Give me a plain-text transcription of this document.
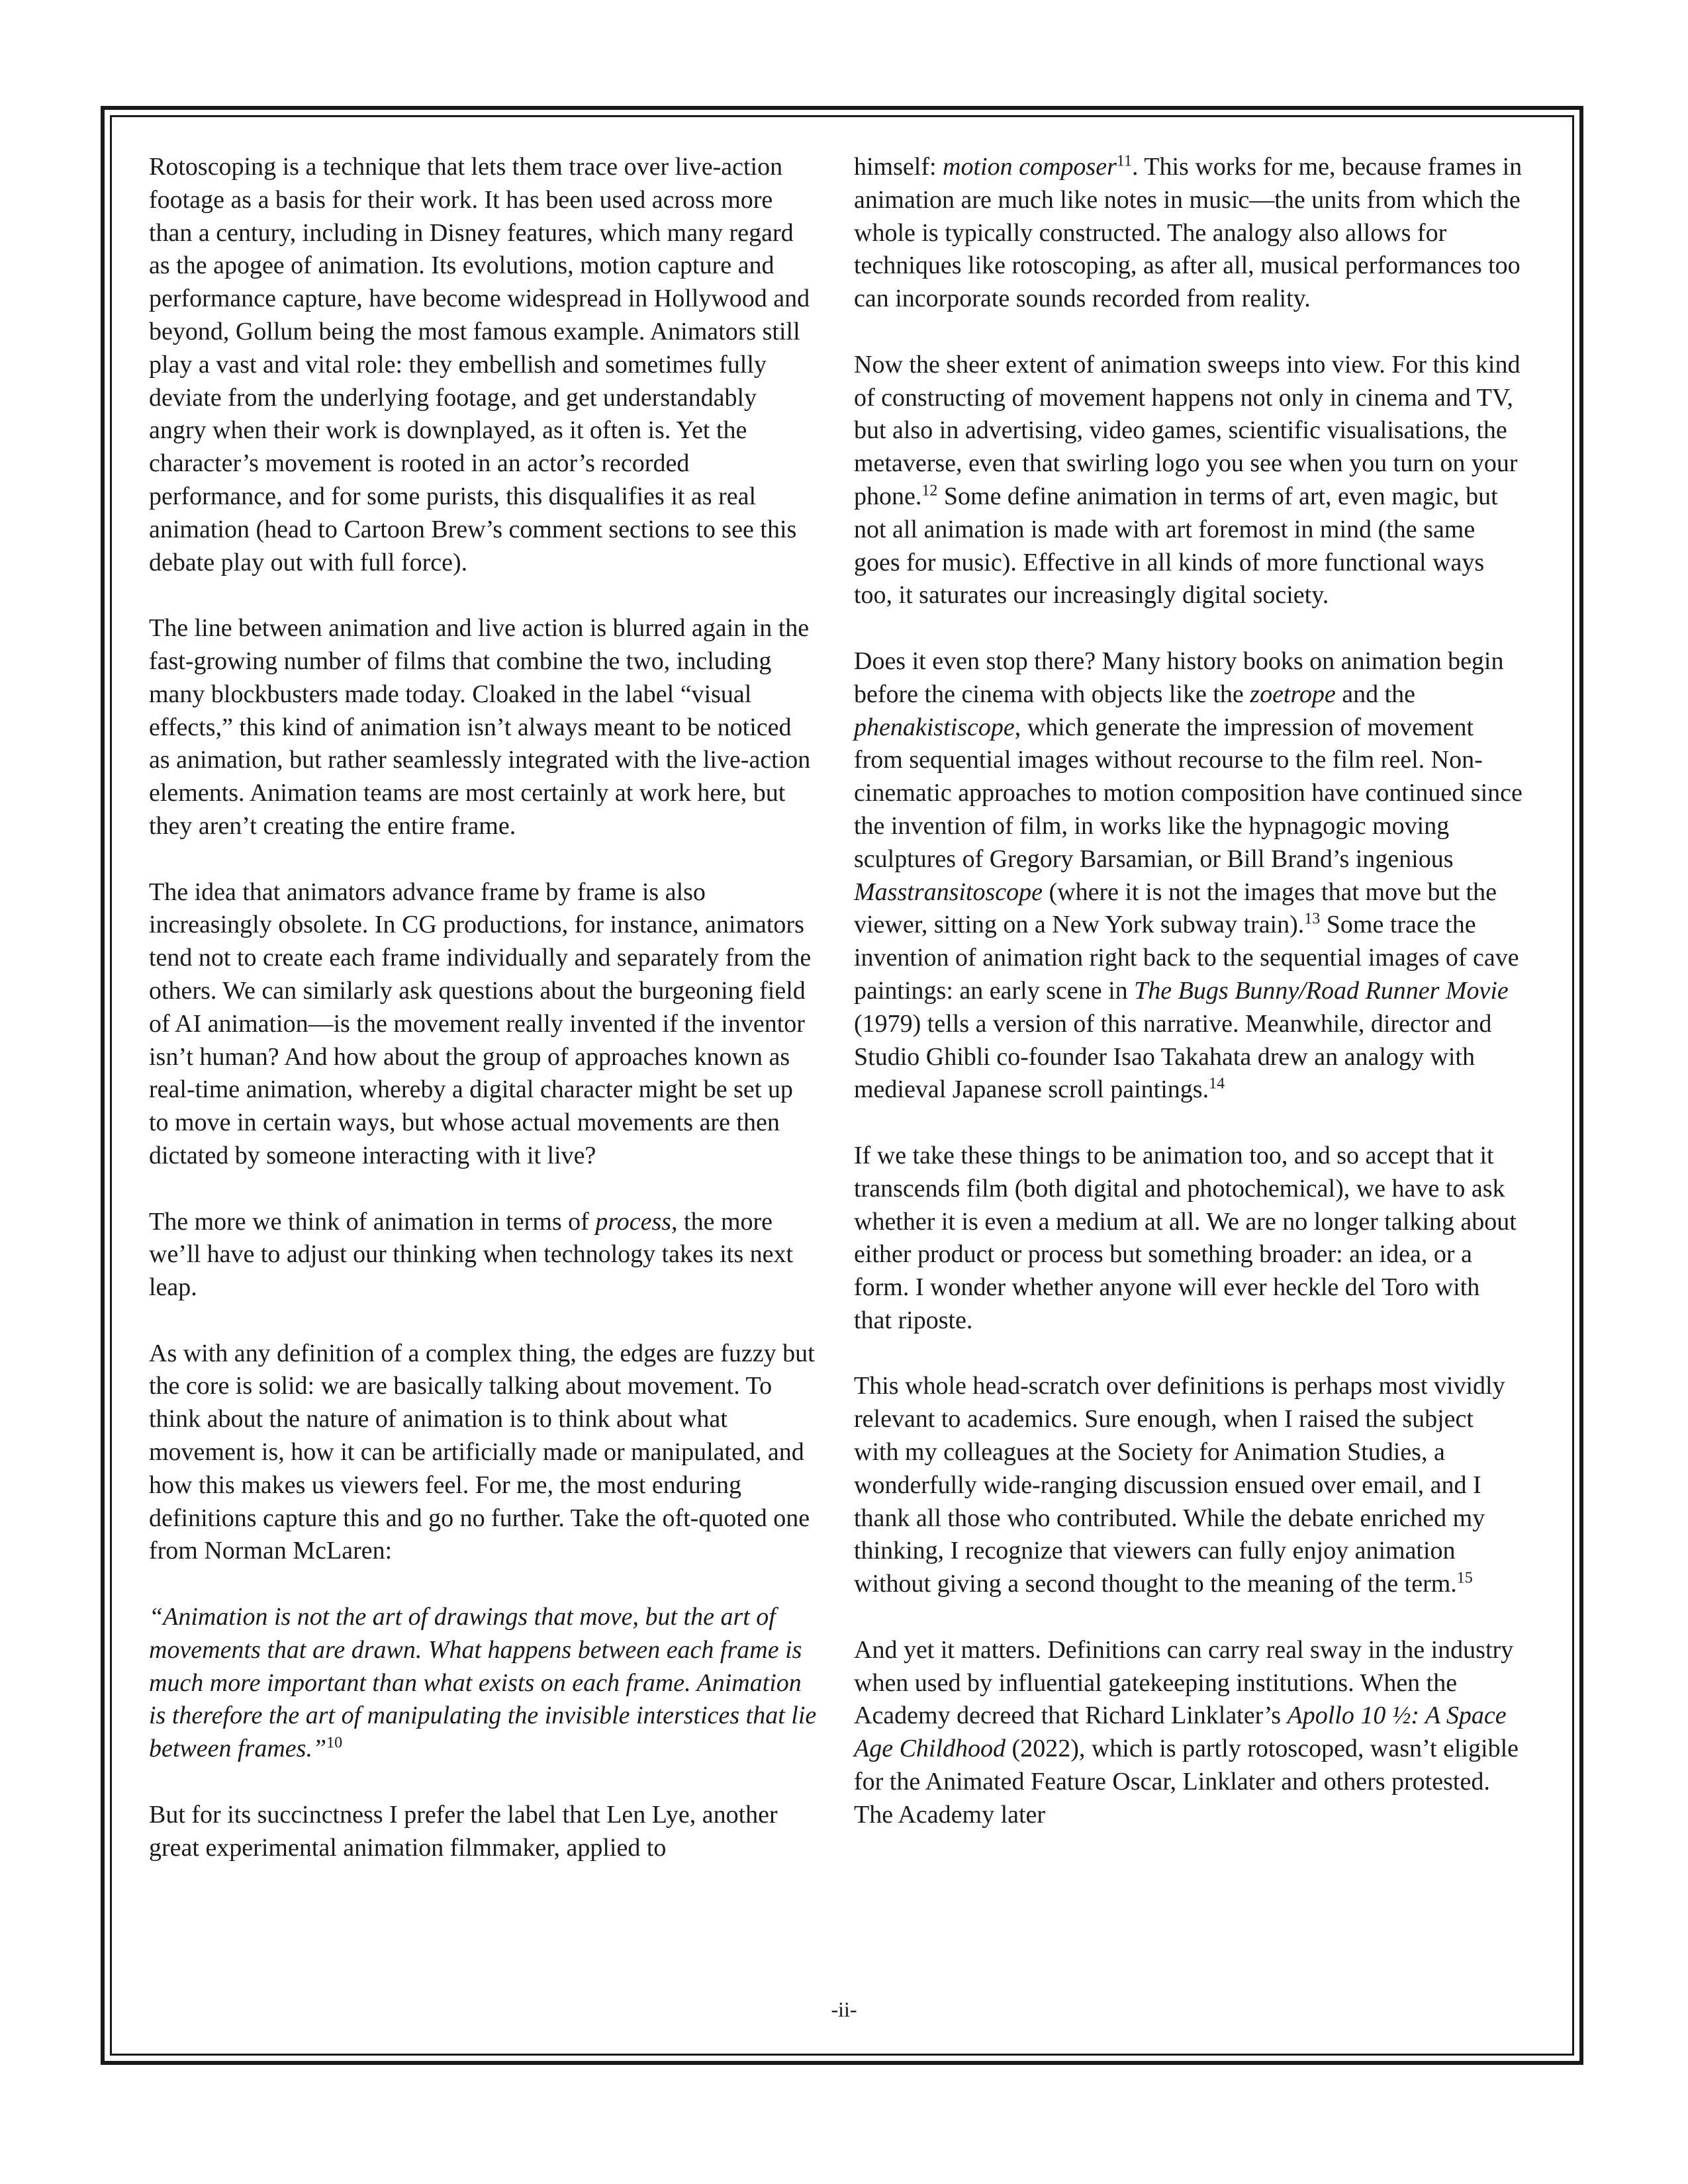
Rotoscoping is a technique that lets them trace over live-action footage as a basis for their work. It has been used across more than a century, including in Disney features, which many regard as the apogee of animation. Its evolutions, motion capture and performance capture, have become widespread in Hollywood and beyond, Gollum being the most famous example. Animators still play a vast and vital role: they embellish and sometimes fully deviate from the underlying footage, and get understandably angry when their work is downplayed, as it often is. Yet the character’s movement is rooted in an actor’s recorded performance, and for some purists, this disqualifies it as real animation (head to Cartoon Brew’s comment sections to see this debate play out with full force).

The line between animation and live action is blurred again in the fast-growing number of films that combine the two, including many blockbusters made today. Cloaked in the label “visual effects,” this kind of animation isn’t always meant to be noticed as animation, but rather seamlessly integrated with the live-action elements. Animation teams are most certainly at work here, but they aren’t creating the entire frame.

The idea that animators advance frame by frame is also increasingly obsolete. In CG productions, for instance, animators tend not to create each frame individually and separately from the others. We can similarly ask questions about the burgeoning field of AI animation—is the movement really invented if the inventor isn’t human? And how about the group of approaches known as real-time animation, whereby a digital character might be set up to move in certain ways, but whose actual movements are then dictated by someone interacting with it live?

The more we think of animation in terms of process, the more we’ll have to adjust our thinking when technology takes its next leap.

As with any definition of a complex thing, the edges are fuzzy but the core is solid: we are basically talking about movement. To think about the nature of animation is to think about what movement is, how it can be artificially made or manipulated, and how this makes us viewers feel. For me, the most enduring definitions capture this and go no further. Take the oft-quoted one from Norman McLaren:

“Animation is not the art of drawings that move, but the art of movements that are drawn. What happens between each frame is much more important than what exists on each frame. Animation is therefore the art of manipulating the invisible interstices that lie between frames.”$^{10}$

But for its succinctness I prefer the label that Len Lye, another great experimental animation filmmaker, applied to

himself: motion composer$^{11}$. This works for me, because frames in animation are much like notes in music—the units from which the whole is typically constructed. The analogy also allows for techniques like rotoscoping, as after all, musical performances too can incorporate sounds recorded from reality.

Now the sheer extent of animation sweeps into view. For this kind of constructing of movement happens not only in cinema and TV, but also in advertising, video games, scientific visualisations, the metaverse, even that swirling logo you see when you turn on your phone.$^{12}$ Some define animation in terms of art, even magic, but not all animation is made with art foremost in mind (the same goes for music). Effective in all kinds of more functional ways too, it saturates our increasingly digital society.

Does it even stop there? Many history books on animation begin before the cinema with objects like the zoetrope and the phenakistiscope, which generate the impression of movement from sequential images without recourse to the film reel. Non-cinematic approaches to motion composition have continued since the invention of film, in works like the hypnagogic moving sculptures of Gregory Barsamian, or Bill Brand’s ingenious Masstransitoscope (where it is not the images that move but the viewer, sitting on a New York subway train).$^{13}$ Some trace the invention of animation right back to the sequential images of cave paintings: an early scene in The Bugs Bunny/Road Runner Movie (1979) tells a version of this narrative. Meanwhile, director and Studio Ghibli co-founder Isao Takahata drew an analogy with medieval Japanese scroll paintings.$^{14}$

If we take these things to be animation too, and so accept that it transcends film (both digital and photochemical), we have to ask whether it is even a medium at all. We are no longer talking about either product or process but something broader: an idea, or a form. I wonder whether anyone will ever heckle del Toro with that riposte.

This whole head-scratch over definitions is perhaps most vividly relevant to academics. Sure enough, when I raised the subject with my colleagues at the Society for Animation Studies, a wonderfully wide-ranging discussion ensued over email, and I thank all those who contributed. While the debate enriched my thinking, I recognize that viewers can fully enjoy animation without giving a second thought to the meaning of the term.$^{15}$

And yet it matters. Definitions can carry real sway in the industry when used by influential gatekeeping institutions. When the Academy decreed that Richard Linklater’s Apollo 10 ½: A Space Age Childhood (2022), which is partly rotoscoped, wasn’t eligible for the Animated Feature Oscar, Linklater and others protested. The Academy later

-ii-
